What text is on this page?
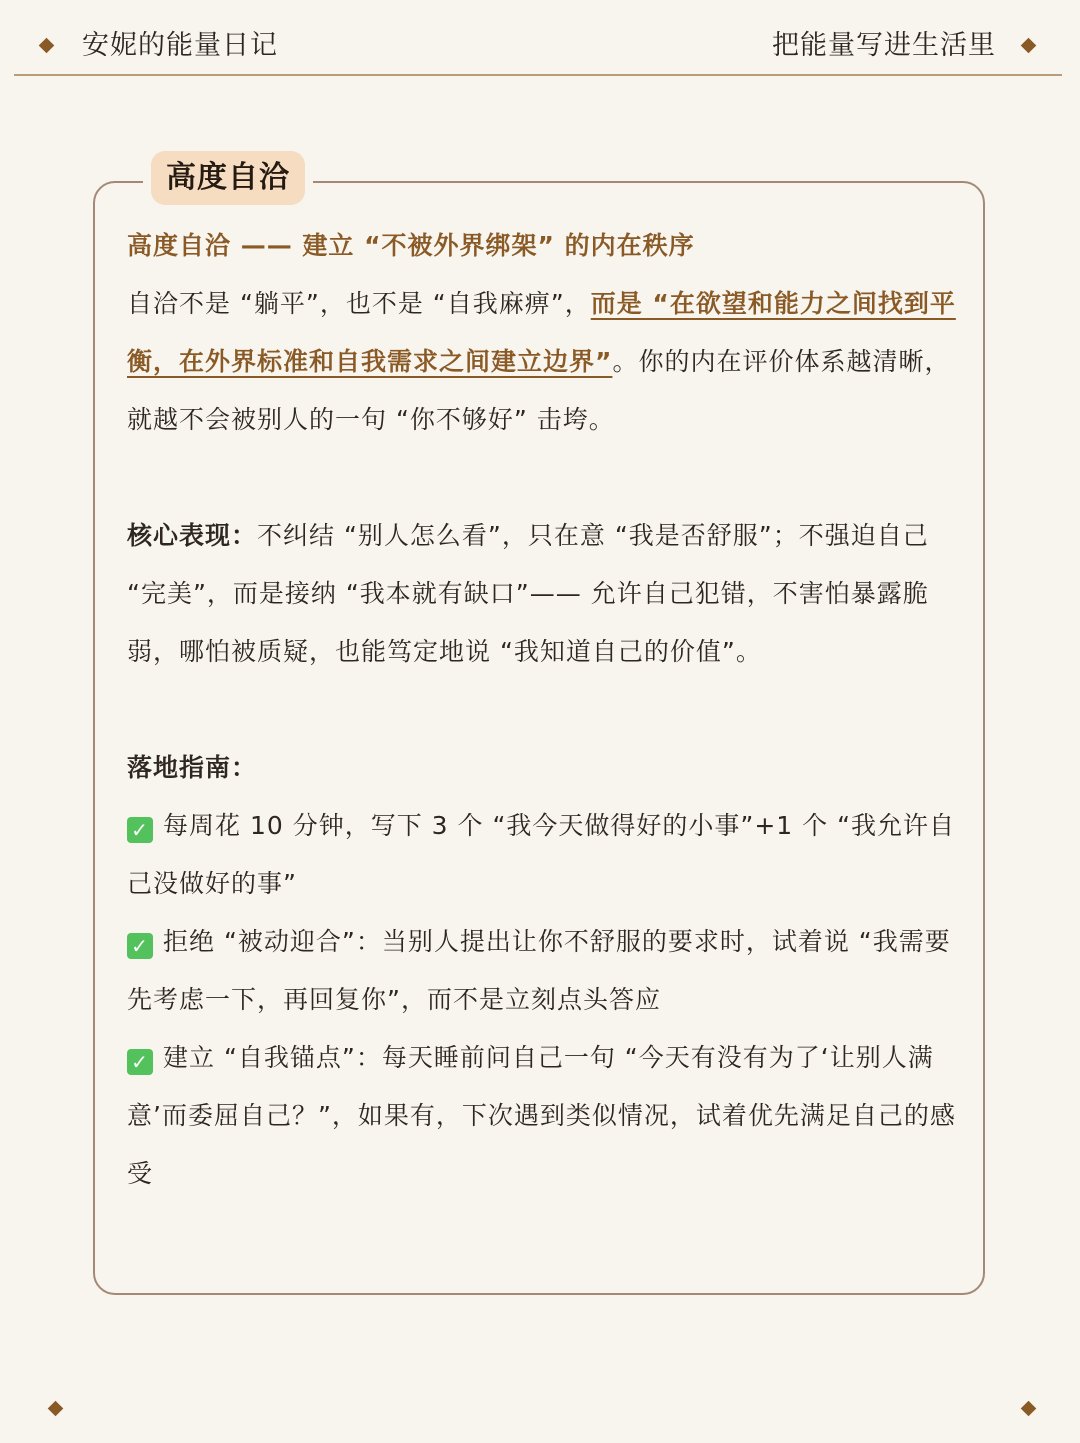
安妮的能量日记	把能量写进生活里
高度自洽

高度自洽 —— 建立 “不被外界绑架” 的内在秩序

自洽不是 “躺平”，也不是 “自我麻痹”，而是 “在欲望和能力之间找到平衡，在外界标准和自我需求之间建立边界”。你的内在评价体系越清晰，就越不会被别人的一句 “你不够好” 击垮。

核心表现：不纠结 “别人怎么看”，只在意 “我是否舒服”；不强迫自己 “完美”，而是接纳 “我本就有缺口”—— 允许自己犯错，不害怕暴露脆弱，哪怕被质疑，也能笃定地说 “我知道自己的价值”。

落地指南：

✓ 每周花 10 分钟，写下 3 个 “我今天做得好的小事”+1 个 “我允许自己没做好的事”

✓ 拒绝 “被动迎合”：当别人提出让你不舒服的要求时，试着说 “我需要先考虑一下，再回复你”，而不是立刻点头答应

✓ 建立 “自我锚点”：每天睡前问自己一句 “今天有没有为了‘让别人满意’而委屈自己？”，如果有，下次遇到类似情况，试着优先满足自己的感受
